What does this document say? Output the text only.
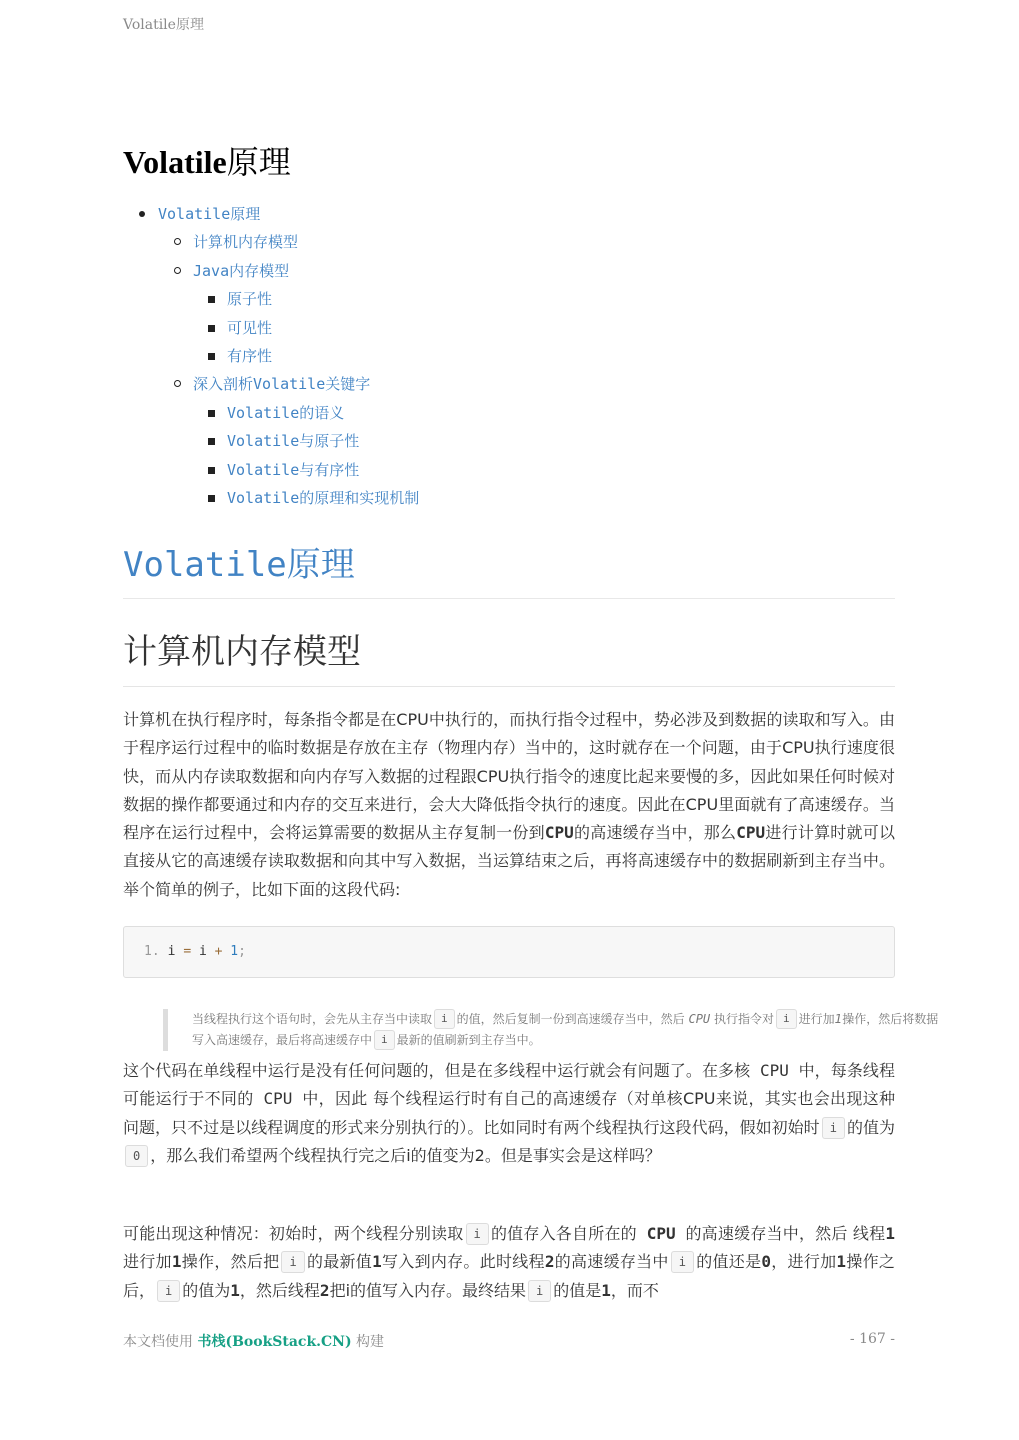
Volatile原理
Volatile原理
Volatile原理
计算机内存模型
Java内存模型
原子性
可见性
有序性
深入剖析Volatile关键字
Volatile的语义
Volatile与原子性
Volatile与有序性
Volatile的原理和实现机制
Volatile原理
计算机内存模型

计算机在执行程序时，每条指令都是在CPU中执行的，而执行指令过程中，势必涉及到数据的读取和写入。由于程序运行过程中的临时数据是存放在主存（物理内存）当中的，这时就存在一个问题，由于CPU执行速度很快，而从内存读取数据和向内存写入数据的过程跟CPU执行指令的速度比起来要慢的多，因此如果任何时候对数据的操作都要通过和内存的交互来进行，会大大降低指令执行的速度。因此在CPU里面就有了高速缓存。当程序在运行过程中，会将运算需要的数据从主存复制一份到CPU的高速缓存当中，那么CPU进行计算时就可以直接从它的高速缓存读取数据和向其中写入数据，当运算结束之后，再将高速缓存中的数据刷新到主存当中。举个简单的例子，比如下面的这段代码:

1. i = i + 1;
当线程执行这个语句时，会先从主存当中读取 i 的值，然后复制一份到高速缓存当中，然后 CPU 执行指令对 i 进行加1操作，然后将数据写入高速缓存，最后将高速缓存中 i 最新的值刷新到主存当中。

这个代码在单线程中运行是没有任何问题的，但是在多线程中运行就会有问题了。在多核 CPU 中，每条线程可能运行于不同的 CPU 中，因此 每个线程运行时有自己的高速缓存（对单核CPU来说，其实也会出现这种问题，只不过是以线程调度的形式来分别执行的）。比如同时有两个线程执行这段代码，假如初始时 i 的值为0 ，那么我们希望两个线程执行完之后i的值变为2。但是事实会是这样吗？

可能出现这种情况：初始时，两个线程分别读取 i 的值存入各自所在的 CPU 的高速缓存当中，然后 线程1 进行加1操作，然后把 i 的最新值1写入到内存。此时线程2的高速缓存当中 i 的值还是0，进行加1操作之后， i 的值为1，然后线程2把i的值写入内存。最终结果 i 的值是1，而不

本文档使用 书栈(BookStack.CN) 构建	- 167 -
